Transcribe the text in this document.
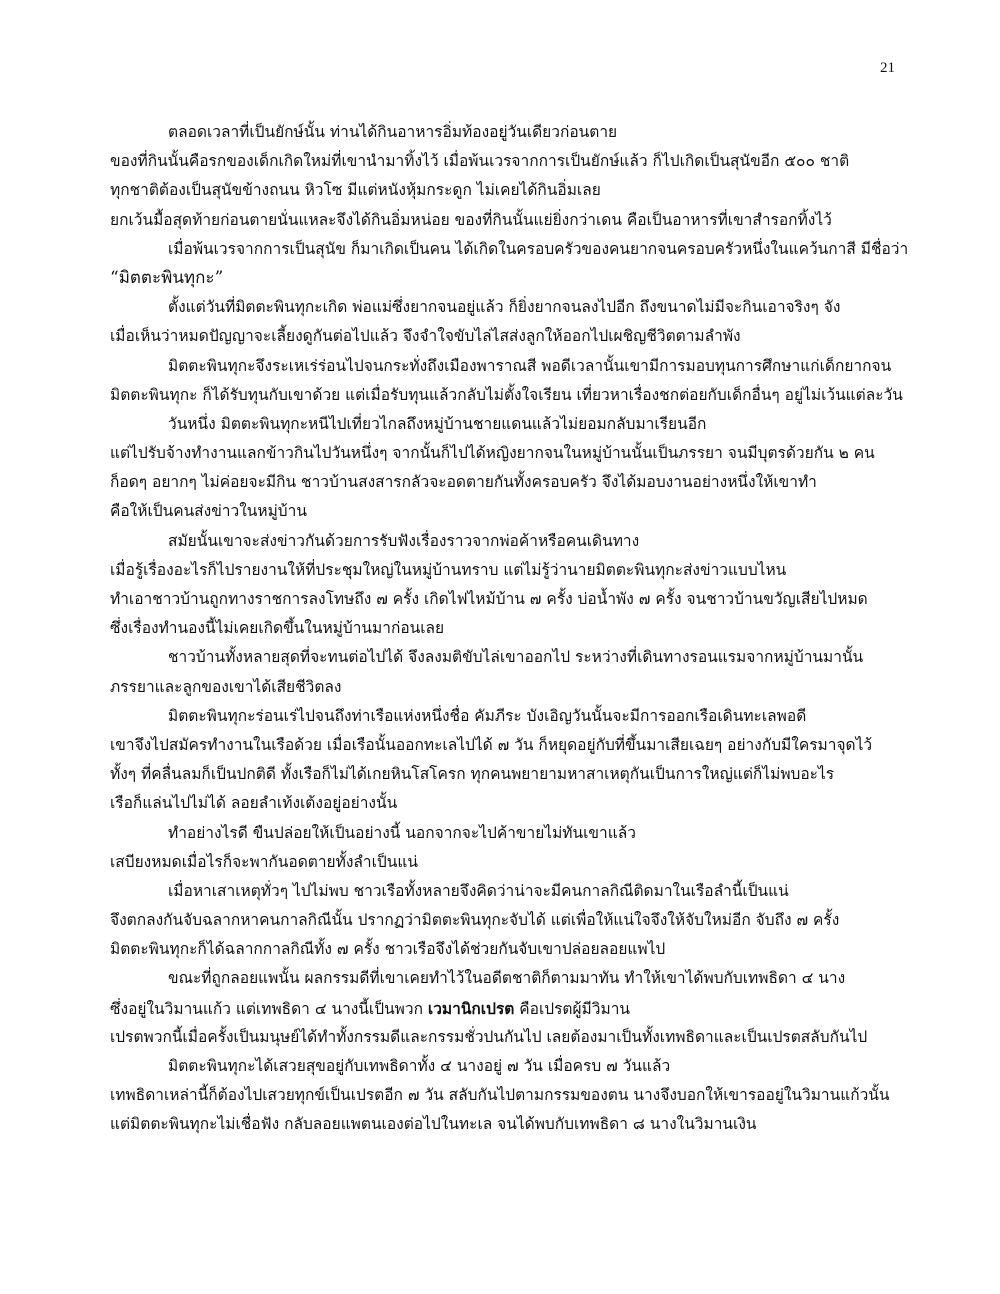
21
ตลอดเวลาที่เป็นยักษ์นั้น ท่านได้กินอาหารอิ่มท้องอยู่วันเดียวก่อนตาย
ของที่กินนั้นคือรกของเด็กเกิดใหม่ที่เขานำมาทิ้งไว้ เมื่อพ้นเวรจากการเป็นยักษ์แล้ว ก็ไปเกิดเป็นสุนัขอีก ๕๐๐ ชาติ
ทุกชาติต้องเป็นสุนัขข้างถนน หิวโซ มีแต่หนังหุ้มกระดูก ไม่เคยได้กินอิ่มเลย
ยกเว้นมื้อสุดท้ายก่อนตายนั่นแหละจึงได้กินอิ่มหน่อย ของที่กินนั้นแย่ยิ่งกว่าเดน คือเป็นอาหารที่เขาสำรอกทิ้งไว้
เมื่อพ้นเวรจากการเป็นสุนัข ก็มาเกิดเป็นคน ได้เกิดในครอบครัวของคนยากจนครอบครัวหนึ่งในแคว้นกาสี มีชื่อว่า
“มิตตะพินทุกะ”
ตั้งแต่วันที่มิตตะพินทุกะเกิด พ่อแม่ซึ่งยากจนอยู่แล้ว ก็ยิ่งยากจนลงไปอีก ถึงขนาดไม่มีจะกินเอาจริงๆ จัง
เมื่อเห็นว่าหมดปัญญาจะเลี้ยงดูกันต่อไปแล้ว จึงจำใจขับไล่ไสส่งลูกให้ออกไปเผชิญชีวิตตามลำพัง
มิตตะพินทุกะจึงระเหเร่ร่อนไปจนกระทั่งถึงเมืองพาราณสี พอดีเวลานั้นเขามีการมอบทุนการศึกษาแก่เด็กยากจน
มิตตะพินทุกะ ก็ได้รับทุนกับเขาด้วย แต่เมื่อรับทุนแล้วกลับไม่ตั้งใจเรียน เที่ยวหาเรื่องชกต่อยกับเด็กอื่นๆ อยู่ไม่เว้นแต่ละวัน
วันหนึ่ง มิตตะพินทุกะหนีไปเที่ยวไกลถึงหมู่บ้านชายแดนแล้วไม่ยอมกลับมาเรียนอีก
แต่ไปรับจ้างทำงานแลกข้าวกินไปวันหนึ่งๆ จากนั้นก็ไปได้หญิงยากจนในหมู่บ้านนั้นเป็นภรรยา จนมีบุตรด้วยกัน ๒ คน
ก็อดๆ อยากๆ ไม่ค่อยจะมีกิน ชาวบ้านสงสารกลัวจะอดตายกันทั้งครอบครัว จึงได้มอบงานอย่างหนึ่งให้เขาทำ
คือให้เป็นคนส่งข่าวในหมู่บ้าน
สมัยนั้นเขาจะส่งข่าวกันด้วยการรับฟังเรื่องราวจากพ่อค้าหรือคนเดินทาง
เมื่อรู้เรื่องอะไรก็ไปรายงานให้ที่ประชุมใหญ่ในหมู่บ้านทราบ แต่ไม่รู้ว่านายมิตตะพินทุกะส่งข่าวแบบไหน
ทำเอาชาวบ้านถูกทางราชการลงโทษถึง ๗ ครั้ง เกิดไฟไหม้บ้าน ๗ ครั้ง บ่อน้ำพัง ๗ ครั้ง จนชาวบ้านขวัญเสียไปหมด
ซึ่งเรื่องทำนองนี้ไม่เคยเกิดขึ้นในหมู่บ้านมาก่อนเลย
ชาวบ้านทั้งหลายสุดที่จะทนต่อไปได้ จึงลงมติขับไล่เขาออกไป ระหว่างที่เดินทางรอนแรมจากหมู่บ้านมานั้น
ภรรยาและลูกของเขาได้เสียชีวิตลง
มิตตะพินทุกะร่อนเร่ไปจนถึงท่าเรือแห่งหนึ่งชื่อ คัมภีระ บังเอิญวันนั้นจะมีการออกเรือเดินทะเลพอดี
เขาจึงไปสมัครทำงานในเรือด้วย เมื่อเรือนั้นออกทะเลไปได้ ๗ วัน ก็หยุดอยู่กับที่ขึ้นมาเสียเฉยๆ อย่างกับมีใครมาจุดไว้
ทั้งๆ ที่คลื่นลมก็เป็นปกติดี ทั้งเรือก็ไม่ได้เกยหินโสโครก ทุกคนพยายามหาสาเหตุกันเป็นการใหญ่แต่ก็ไม่พบอะไร
เรือก็แล่นไปไม่ได้ ลอยลำเท้งเต้งอยู่อย่างนั้น
ทำอย่างไรดี ขืนปล่อยให้เป็นอย่างนี้ นอกจากจะไปค้าขายไม่ทันเขาแล้ว
เสบียงหมดเมื่อไรก็จะพากันอดตายทั้งลำเป็นแน่
เมื่อหาเสาเหตุทั่วๆ ไปไม่พบ ชาวเรือทั้งหลายจึงคิดว่าน่าจะมีคนกาลกิณีติดมาในเรือลำนี้เป็นแน่
จึงตกลงกันจับฉลากหาคนกาลกิณีนั้น ปรากฏว่ามิตตะพินทุกะจับได้ แต่เพื่อให้แน่ใจจึงให้จับใหม่อีก จับถึง ๗ ครั้ง
มิตตะพินทุกะก็ได้ฉลากกาลกิณีทั้ง ๗ ครั้ง ชาวเรือจึงได้ช่วยกันจับเขาปล่อยลอยแพไป
ขณะที่ถูกลอยแพนั้น ผลกรรมดีที่เขาเคยทำไว้ในอดีตชาติก็ตามมาทัน ทำให้เขาได้พบกับเทพธิดา ๔ นาง
ซึ่งอยู่ในวิมานแก้ว แต่เทพธิดา ๔ นางนี้เป็นพวก เวมานิกเปรต คือเปรตผู้มีวิมาน
เปรตพวกนี้เมื่อครั้งเป็นมนุษย์ได้ทำทั้งกรรมดีและกรรมชั่วปนกันไป เลยต้องมาเป็นทั้งเทพธิดาและเป็นเปรตสลับกันไป
มิตตะพินทุกะได้เสวยสุขอยู่กับเทพธิดาทั้ง ๔ นางอยู่ ๗ วัน เมื่อครบ ๗ วันแล้ว
เทพธิดาเหล่านี้ก็ต้องไปเสวยทุกข์เป็นเปรตอีก ๗ วัน สลับกันไปตามกรรมของตน นางจึงบอกให้เขารออยู่ในวิมานแก้วนั้น
แต่มิตตะพินทุกะไม่เชื่อฟัง กลับลอยแพตนเองต่อไปในทะเล จนได้พบกับเทพธิดา ๘ นางในวิมานเงิน
